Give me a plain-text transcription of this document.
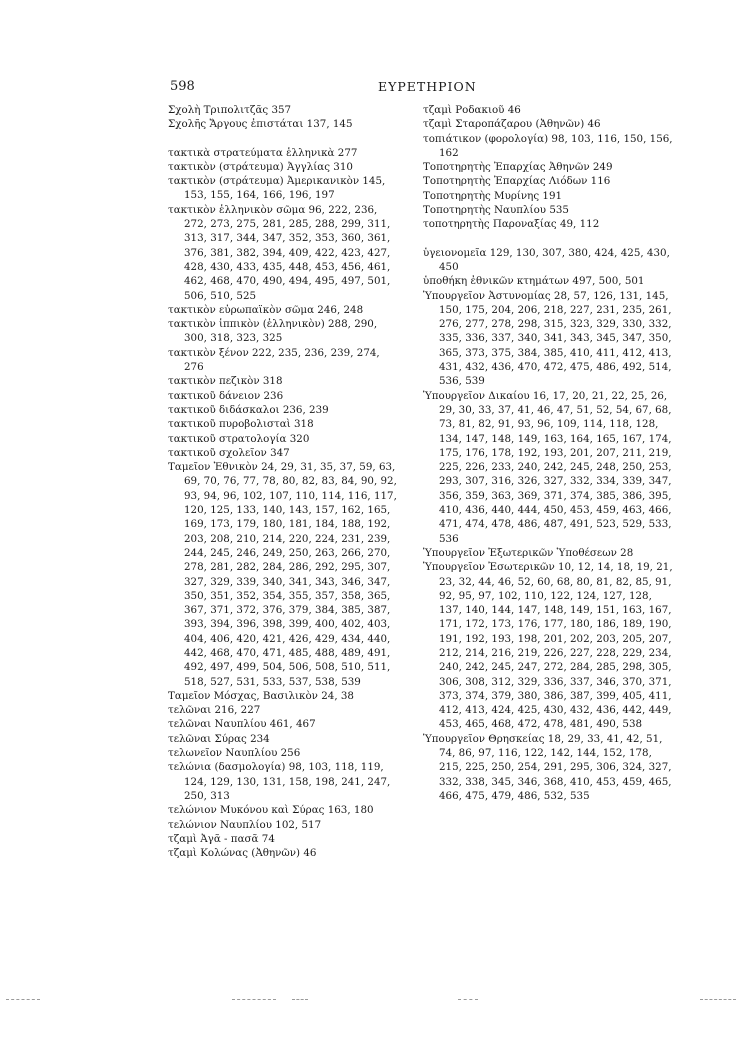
598	ΕΥΡΕΤΗΡΙΟΝ
Σχολὴ Τριπολιτζᾶς 357
Σχολῆς Ἄργους ἐπιστάται 137, 145
τακτικὰ στρατεύματα ἑλληνικὰ 277
τακτικὸν (στράτευμα) Ἀγγλίας 310
τακτικὸν (στράτευμα) Ἀμερικανικὸν 145, 153, 155, 164, 166, 196, 197
τακτικὸν ἑλληνικὸν σῶμα 96, 222, 236, 272, 273, 275, 281, 285, 288, 299, 311, 313, 317, 344, 347, 352, 353, 360, 361, 376, 381, 382, 394, 409, 422, 423, 427, 428, 430, 433, 435, 448, 453, 456, 461, 462, 468, 470, 490, 494, 495, 497, 501, 506, 510, 525
τακτικὸν εὐρωπαϊκὸν σῶμα 246, 248
τακτικὸν ἱππικὸν (ἑλληνικὸν) 288, 290, 300, 318, 323, 325
τακτικὸν ξένον 222, 235, 236, 239, 274, 276
τακτικὸν πεζικὸν 318
τακτικοῦ δάνειον 236
τακτικοῦ διδάσκαλοι 236, 239
τακτικοῦ πυροβολισταὶ 318
τακτικοῦ στρατολογία 320
τακτικοῦ σχολεῖον 347
Ταμεῖον Ἐθνικὸν 24, 29, 31, 35, 37, 59, 63, 69, 70, 76, 77, 78, 80, 82, 83, 84, 90, 92, 93, 94, 96, 102, 107, 110, 114, 116, 117, 120, 125, 133, 140, 143, 157, 162, 165, 169, 173, 179, 180, 181, 184, 188, 192, 203, 208, 210, 214, 220, 224, 231, 239, 244, 245, 246, 249, 250, 263, 266, 270, 278, 281, 282, 284, 286, 292, 295, 307, 327, 329, 339, 340, 341, 343, 346, 347, 350, 351, 352, 354, 355, 357, 358, 365, 367, 371, 372, 376, 379, 384, 385, 387, 393, 394, 396, 398, 399, 400, 402, 403, 404, 406, 420, 421, 426, 429, 434, 440, 442, 468, 470, 471, 485, 488, 489, 491, 492, 497, 499, 504, 506, 508, 510, 511, 518, 527, 531, 533, 537, 538, 539
Ταμεῖον Μόσχας, Βασιλικὸν 24, 38
τελῶναι 216, 227
τελῶναι Ναυπλίου 461, 467
τελῶναι Σύρας 234
τελωνεῖον Ναυπλίου 256
τελώνια (δασμολογία) 98, 103, 118, 119, 124, 129, 130, 131, 158, 198, 241, 247, 250, 313
τελώνιον Μυκόνου καὶ Σύρας 163, 180
τελώνιον Ναυπλίου 102, 517
τζαμὶ Ἀγᾶ - πασᾶ 74
τζαμὶ Κολώνας (Ἀθηνῶν) 46
τζαμὶ Ροδακιοῦ 46
τζαμὶ Σταροπάζαρου (Ἀθηνῶν) 46
τοπιάτικον (φορολογία) 98, 103, 116, 150, 156, 162
Τοποτηρητὴς Ἐπαρχίας Ἀθηνῶν 249
Τοποτηρητὴς Ἐπαρχίας Λιόδων 116
Τοποτηρητὴς Μυρίνης 191
Τοποτηρητὴς Ναυπλίου 535
τοποτηρητὴς Παροναξίας 49, 112
ὑγειονομεῖα 129, 130, 307, 380, 424, 425, 430, 450
ὑποθήκη ἐθνικῶν κτημάτων 497, 500, 501
Ὑπουργεῖον Ἀστυνομίας 28, 57, 126, 131, 145, 150, 175, 204, 206, 218, 227, 231, 235, 261, 276, 277, 278, 298, 315, 323, 329, 330, 332, 335, 336, 337, 340, 341, 343, 345, 347, 350, 365, 373, 375, 384, 385, 410, 411, 412, 413, 431, 432, 436, 470, 472, 475, 486, 492, 514, 536, 539
Ὑπουργεῖον Δικαίου 16, 17, 20, 21, 22, 25, 26, 29, 30, 33, 37, 41, 46, 47, 51, 52, 54, 67, 68, 73, 81, 82, 91, 93, 96, 109, 114, 118, 128, 134, 147, 148, 149, 163, 164, 165, 167, 174, 175, 176, 178, 192, 193, 201, 207, 211, 219, 225, 226, 233, 240, 242, 245, 248, 250, 253, 293, 307, 316, 326, 327, 332, 334, 339, 347, 356, 359, 363, 369, 371, 374, 385, 386, 395, 410, 436, 440, 444, 450, 453, 459, 463, 466, 471, 474, 478, 486, 487, 491, 523, 529, 533, 536
Ὑπουργεῖον Ἐξωτερικῶν Ὑποθέσεων 28
Ὑπουργεῖον Ἐσωτερικῶν 10, 12, 14, 18, 19, 21, 23, 32, 44, 46, 52, 60, 68, 80, 81, 82, 85, 91, 92, 95, 97, 102, 110, 122, 124, 127, 128, 137, 140, 144, 147, 148, 149, 151, 163, 167, 171, 172, 173, 176, 177, 180, 186, 189, 190, 191, 192, 193, 198, 201, 202, 203, 205, 207, 212, 214, 216, 219, 226, 227, 228, 229, 234, 240, 242, 245, 247, 272, 284, 285, 298, 305, 306, 308, 312, 329, 336, 337, 346, 370, 371, 373, 374, 379, 380, 386, 387, 399, 405, 411, 412, 413, 424, 425, 430, 432, 436, 442, 449, 453, 465, 468, 472, 478, 481, 490, 538
Ὑπουργεῖον Θρησκείας 18, 29, 33, 41, 42, 51, 74, 86, 97, 116, 122, 142, 144, 152, 178, 215, 225, 250, 254, 291, 295, 306, 324, 327, 332, 338, 345, 346, 368, 410, 453, 459, 465, 466, 475, 479, 486, 532, 535
